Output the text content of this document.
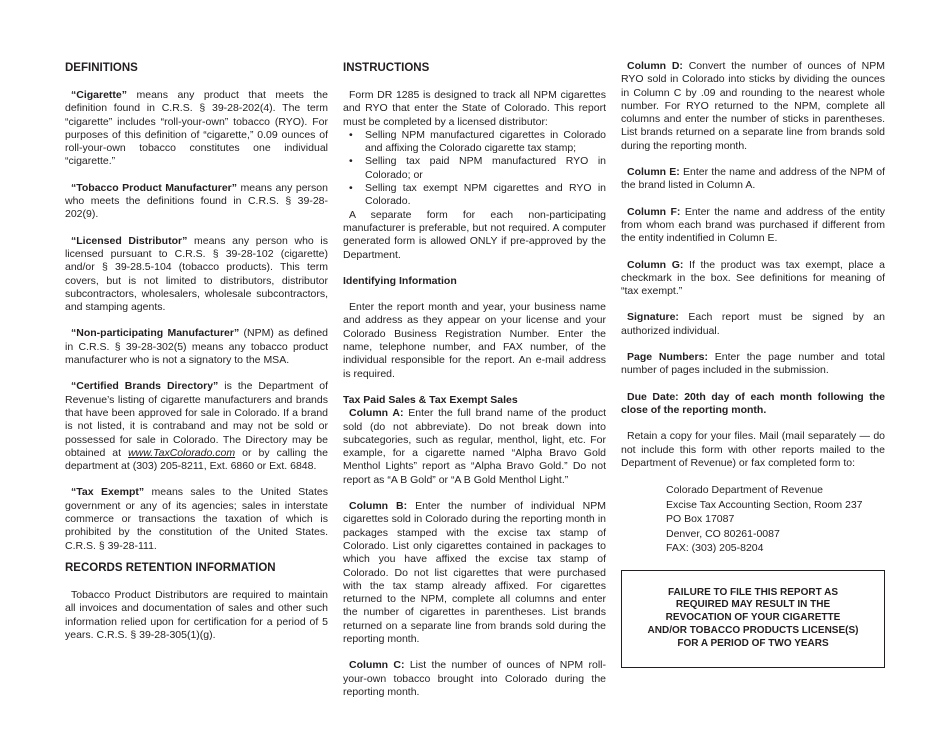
DEFINITIONS

“Cigarette” means any product that meets the definition found in C.R.S. § 39-28-202(4). The term “cigarette” includes “roll-your-own” tobacco (RYO). For purposes of this definition of “cigarette,” 0.09 ounces of roll-your-own tobacco constitutes one individual “cigarette.”

“Tobacco Product Manufacturer” means any person who meets the definitions found in C.R.S. § 39-28-202(9).

“Licensed Distributor” means any person who is licensed pursuant to C.R.S. § 39-28-102 (cigarette) and/or § 39-28.5-104 (tobacco products). This term covers, but is not limited to distributors, distributor subcontractors, wholesalers, wholesale subcontractors, and stamping agents.

“Non-participating Manufacturer” (NPM) as defined in C.R.S. § 39-28-302(5) means any tobacco product manufacturer who is not a signatory to the MSA.

“Certified Brands Directory” is the Department of Revenue’s listing of cigarette manufacturers and brands that have been approved for sale in Colorado. If a brand is not listed, it is contraband and may not be sold or possessed for sale in Colorado. The Directory may be obtained at www.TaxColorado.com or by calling the department at (303) 205-8211, Ext. 6860 or Ext. 6848.

“Tax Exempt” means sales to the United States government or any of its agencies; sales in interstate commerce or transactions the taxation of which is prohibited by the constitution of the United States. C.R.S. § 39-28-111.

RECORDS RETENTION INFORMATION

Tobacco Product Distributors are required to maintain all invoices and documentation of sales and other such information relied upon for certification for a period of 5 years. C.R.S. § 39-28-305(1)(g).

INSTRUCTIONS

Form DR 1285 is designed to track all NPM cigarettes and RYO that enter the State of Colorado. This report must be completed by a licensed distributor:

• Selling NPM manufactured cigarettes in Colorado and affixing the Colorado cigarette tax stamp;
• Selling tax paid NPM manufactured RYO in Colorado; or
• Selling tax exempt NPM cigarettes and RYO in Colorado.

A separate form for each non-participating manufacturer is preferable, but not required. A computer generated form is allowed ONLY if pre-approved by the Department.

Identifying Information

Enter the report month and year, your business name and address as they appear on your license and your Colorado Business Registration Number. Enter the name, telephone number, and FAX number, of the individual responsible for the report. An e-mail address is required.

Tax Paid Sales & Tax Exempt Sales

Column A: Enter the full brand name of the product sold (do not abbreviate). Do not break down into subcategories, such as regular, menthol, light, etc. For example, for a cigarette named “Alpha Bravo Gold Menthol Lights” report as “Alpha Bravo Gold.” Do not report as “A B Gold” or “A B Gold Menthol Light.”

Column B: Enter the number of individual NPM cigarettes sold in Colorado during the reporting month in packages stamped with the excise tax stamp of Colorado. List only cigarettes contained in packages to which you have affixed the excise tax stamp of Colorado. Do not list cigarettes that were purchased with the tax stamp already affixed. For cigarettes returned to the NPM, complete all columns and enter the number of cigarettes in parentheses. List brands returned on a separate line from brands sold during the reporting month.

Column C: List the number of ounces of NPM roll-your-own tobacco brought into Colorado during the reporting month.

Column D: Convert the number of ounces of NPM RYO sold in Colorado into sticks by dividing the ounces in Column C by .09 and rounding to the nearest whole number. For RYO returned to the NPM, complete all columns and enter the number of sticks in parentheses. List brands returned on a separate line from brands sold during the reporting month.

Column E: Enter the name and address of the NPM of the brand listed in Column A.

Column F: Enter the name and address of the entity from whom each brand was purchased if different from the entity indentified in Column E.

Column G: If the product was tax exempt, place a checkmark in the box. See definitions for meaning of “tax exempt.”

Signature: Each report must be signed by an authorized individual.

Page Numbers: Enter the page number and total number of pages included in the submission.

Due Date: 20th day of each month following the close of the reporting month.

Retain a copy for your files. Mail (mail separately — do not include this form with other reports mailed to the Department of Revenue) or fax completed form to:

Colorado Department of Revenue
Excise Tax Accounting Section, Room 237
PO Box 17087
Denver, CO 80261-0087
FAX: (303) 205-8204
FAILURE TO FILE THIS REPORT AS
REQUIRED MAY RESULT IN THE
REVOCATION OF YOUR CIGARETTE
AND/OR TOBACCO PRODUCTS LICENSE(S)
FOR A PERIOD OF TWO YEARS
